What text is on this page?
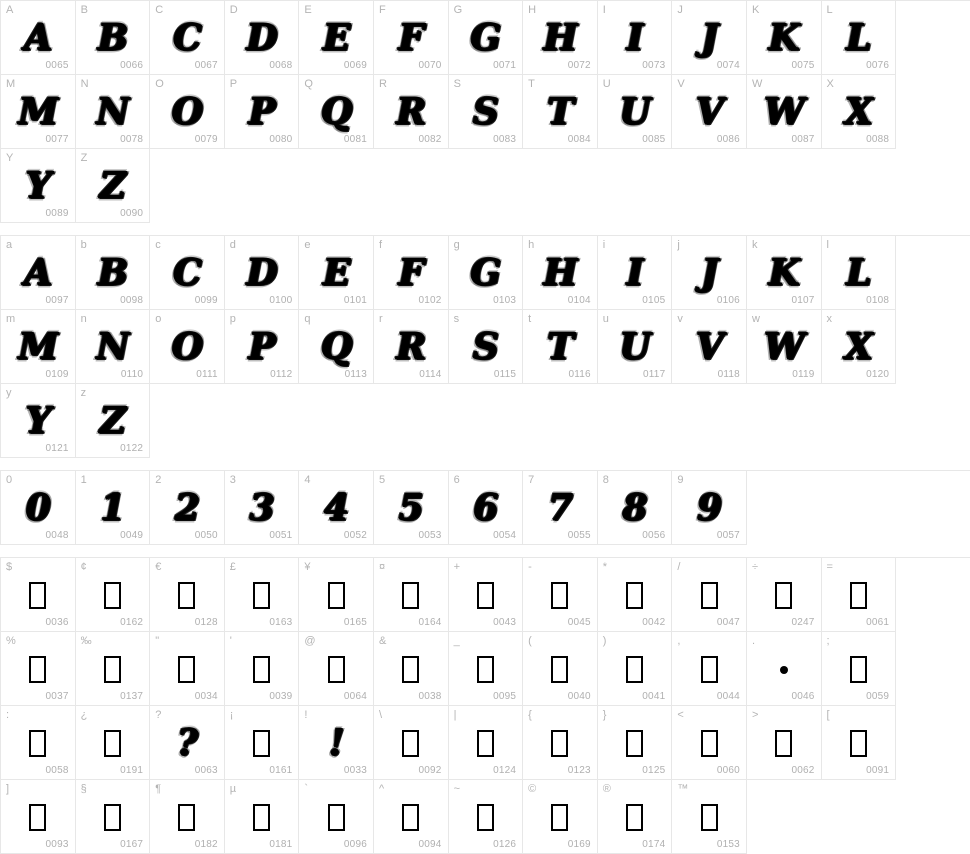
A
A
0065
B
B
0066
C
C
0067
D
D
0068
E
E
0069
F
F
0070
G
G
0071
H
H
0072
I
I
0073
J
J
0074
K
K
0075
L
L
0076
M
M
0077
N
N
0078
O
O
0079
P
P
0080
Q
Q
0081
R
R
0082
S
S
0083
T
T
0084
U
U
0085
V
V
0086
W
W
0087
X
X
0088
Y
Y
0089
Z
Z
0090
a
A
0097
b
B
0098
c
C
0099
d
D
0100
e
E
0101
f
F
0102
g
G
0103
h
H
0104
i
I
0105
j
J
0106
k
K
0107
l
L
0108
m
M
0109
n
N
0110
o
O
0111
p
P
0112
q
Q
0113
r
R
0114
s
S
0115
t
T
0116
u
U
0117
v
V
0118
w
W
0119
x
X
0120
y
Y
0121
z
Z
0122
0
0
0048
1
1
0049
2
2
0050
3
3
0051
4
4
0052
5
5
0053
6
6
0054
7
7
0055
8
8
0056
9
9
0057
$
0036
¢
0162
€
0128
£
0163
¥
0165
¤
0164
+
0043
-
0045
*
0042
/
0047
÷
0247
=
0061
%
0037
‰
0137
"
0034
'
0039
@
0064
&
0038
_
0095
(
0040
)
0041
,
0044
.
0046
;
0059
:
0058
¿
0191
?
?
0063
¡
0161
!
!
0033
\
0092
|
0124
{
0123
}
0125
<
0060
>
0062
[
0091
]
0093
§
0167
¶
0182
µ
0181
`
0096
^
0094
~
0126
©
0169
®
0174
™
0153
